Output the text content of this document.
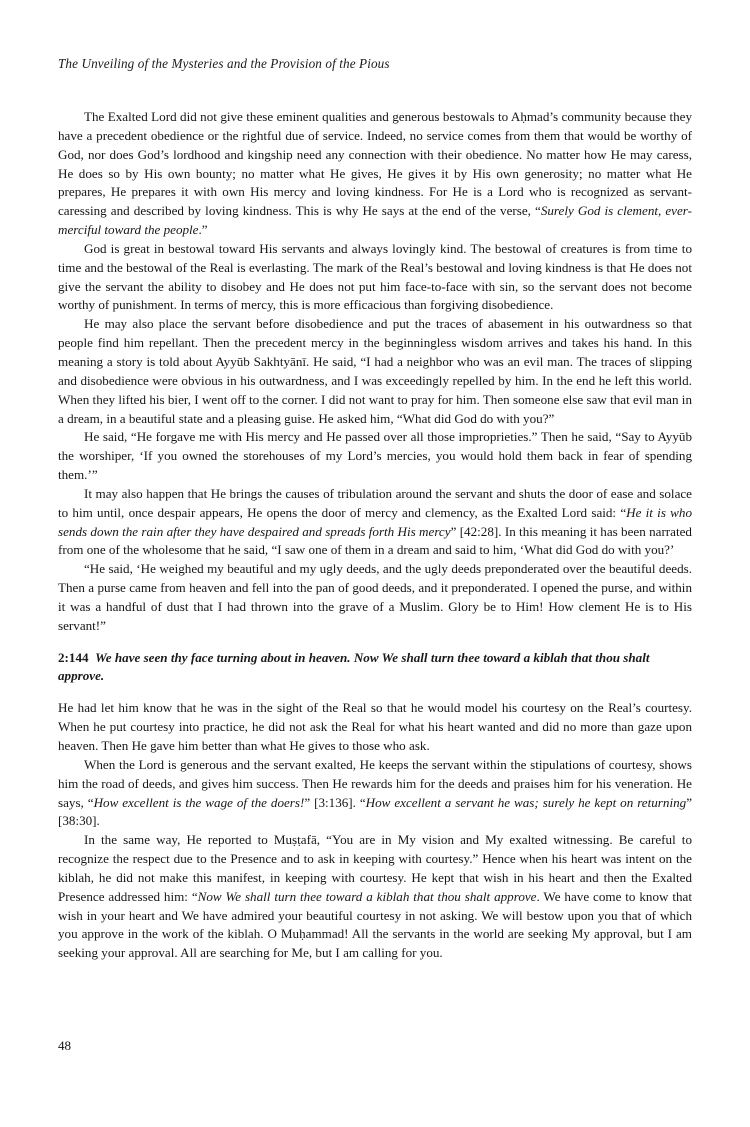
The Unveiling of the Mysteries and the Provision of the Pious

The Exalted Lord did not give these eminent qualities and generous bestowals to Aḥmad’s community because they have a precedent obedience or the rightful due of service. Indeed, no service comes from them that would be worthy of God, nor does God’s lordhood and kingship need any connection with their obedience. No matter how He may caress, He does so by His own bounty; no matter what He gives, He gives it by His own generosity; no matter what He prepares, He prepares it with own His mercy and loving kindness. For He is a Lord who is recognized as servant-caressing and described by loving kindness. This is why He says at the end of the verse, “Surely God is clement, ever-merciful toward the people.”

God is great in bestowal toward His servants and always lovingly kind. The bestowal of creatures is from time to time and the bestowal of the Real is everlasting. The mark of the Real’s bestowal and loving kindness is that He does not give the servant the ability to disobey and He does not put him face-to-face with sin, so the servant does not become worthy of punishment. In terms of mercy, this is more efficacious than forgiving disobedience.

He may also place the servant before disobedience and put the traces of abasement in his outwardness so that people find him repellant. Then the precedent mercy in the beginningless wisdom arrives and takes his hand. In this meaning a story is told about Ayyūb Sakhtyānī. He said, “I had a neighbor who was an evil man. The traces of slipping and disobedience were obvious in his outwardness, and I was exceedingly repelled by him. In the end he left this world. When they lifted his bier, I went off to the corner. I did not want to pray for him. Then someone else saw that evil man in a dream, in a beautiful state and a pleasing guise. He asked him, “What did God do with you?”

He said, “He forgave me with His mercy and He passed over all those improprieties.” Then he said, “Say to Ayyūb the worshiper, ‘If you owned the storehouses of my Lord’s mercies, you would hold them back in fear of spending them.’”

It may also happen that He brings the causes of tribulation around the servant and shuts the door of ease and solace to him until, once despair appears, He opens the door of mercy and clemency, as the Exalted Lord said: “He it is who sends down the rain after they have despaired and spreads forth His mercy” [42:28]. In this meaning it has been narrated from one of the wholesome that he said, “I saw one of them in a dream and said to him, ‘What did God do with you?’

“He said, ‘He weighed my beautiful and my ugly deeds, and the ugly deeds preponderated over the beautiful deeds. Then a purse came from heaven and fell into the pan of good deeds, and it preponderated. I opened the purse, and within it was a handful of dust that I had thrown into the grave of a Muslim. Glory be to Him! How clement He is to His servant!”

2:144 We have seen thy face turning about in heaven. Now We shall turn thee toward a kiblah that thou shalt approve.

He had let him know that he was in the sight of the Real so that he would model his courtesy on the Real’s courtesy. When he put courtesy into practice, he did not ask the Real for what his heart wanted and did no more than gaze upon heaven. Then He gave him better than what He gives to those who ask.

When the Lord is generous and the servant exalted, He keeps the servant within the stipulations of courtesy, shows him the road of deeds, and gives him success. Then He rewards him for the deeds and praises him for his veneration. He says, “How excellent is the wage of the doers!” [3:136]. “How excellent a servant he was; surely he kept on returning” [38:30].

In the same way, He reported to Muṣṭafā, “You are in My vision and My exalted witnessing. Be careful to recognize the respect due to the Presence and to ask in keeping with courtesy.” Hence when his heart was intent on the kiblah, he did not make this manifest, in keeping with courtesy. He kept that wish in his heart and then the Exalted Presence addressed him: “Now We shall turn thee toward a kiblah that thou shalt approve. We have come to know that wish in your heart and We have admired your beautiful courtesy in not asking. We will bestow upon you that of which you approve in the work of the kiblah. O Muḥammad! All the servants in the world are seeking My approval, but I am seeking your approval. All are searching for Me, but I am calling for you.

48
